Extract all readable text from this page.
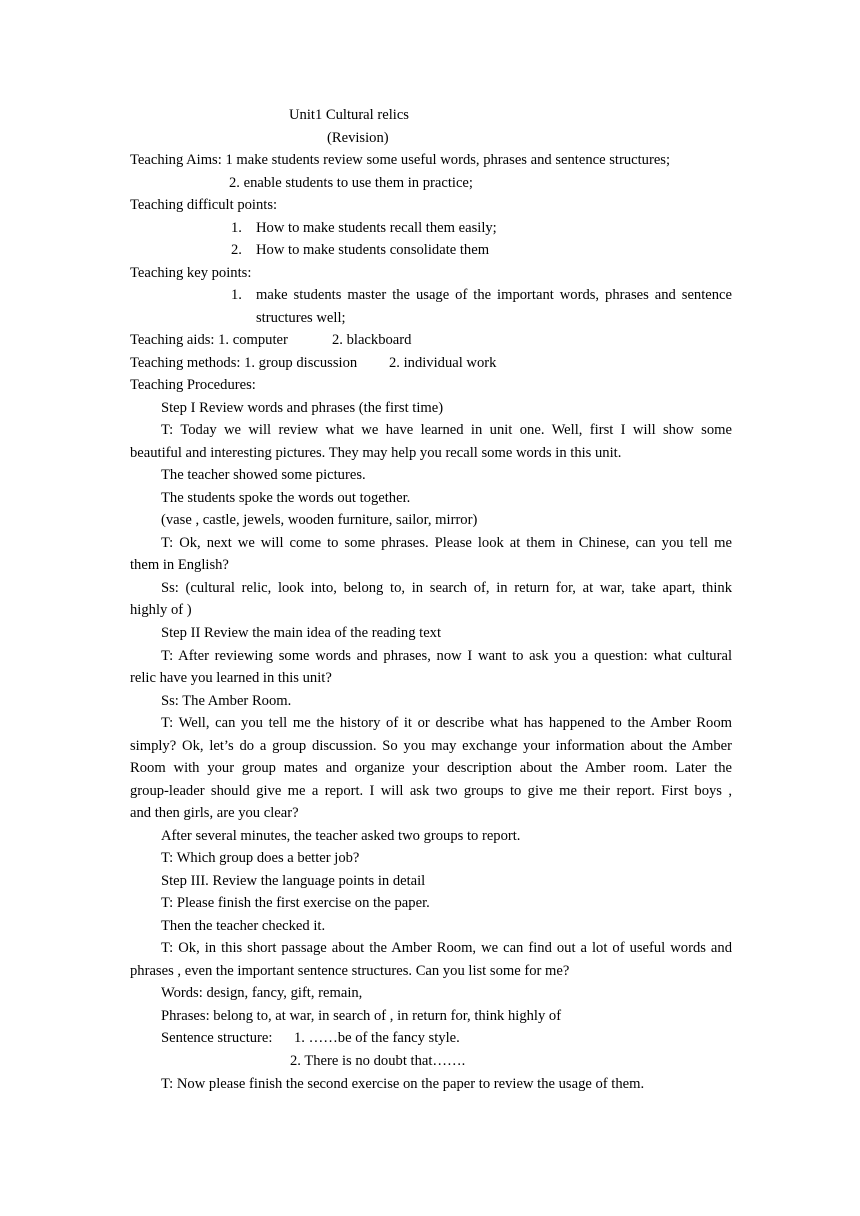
Unit1 Cultural relics
(Revision)
Teaching Aims: 1 make students review some useful words, phrases and sentence structures;
2. enable students to use them in practice;
Teaching difficult points:
1. How to make students recall them easily;
2. How to make students consolidate them
Teaching key points:
1. make students master the usage of the important words, phrases and sentence
structures well;
Teaching aids: 1. computer	2. blackboard
Teaching methods: 1. group discussion 2. individual work
Teaching Procedures:
Step I Review words and phrases (the first time)
T: Today we will review what we have learned in unit one. Well, first I will show some
beautiful and interesting pictures. They may help you recall some words in this unit.
The teacher showed some pictures.
The students spoke the words out together.
(vase , castle, jewels, wooden furniture, sailor, mirror)
T: Ok, next we will come to some phrases. Please look at them in Chinese, can you tell me
them in English?
Ss: (cultural relic, look into, belong to, in search of, in return for, at war, take apart, think
highly of )
Step II Review the main idea of the reading text
T: After reviewing some words and phrases, now I want to ask you a question: what cultural
relic have you learned in this unit?
Ss: The Amber Room.
T: Well, can you tell me the history of it or describe what has happened to the Amber Room
simply? Ok, let’s do a group discussion. So you may exchange your information about the Amber
Room with your group mates and organize your description about the Amber room. Later the
group-leader should give me a report. I will ask two groups to give me their report. First boys ,
and then girls, are you clear?
After several minutes, the teacher asked two groups to report.
T: Which group does a better job?
Step III. Review the language points in detail
T: Please finish the first exercise on the paper.
Then the teacher checked it.
T: Ok, in this short passage about the Amber Room, we can find out a lot of useful words and
phrases , even the important sentence structures. Can you list some for me?
Words: design, fancy, gift, remain,
Phrases: belong to, at war, in search of , in return for, think highly of
Sentence structure: 1. ……be of the fancy style.
2. There is no doubt that…….
T: Now please finish the second exercise on the paper to review the usage of them.
